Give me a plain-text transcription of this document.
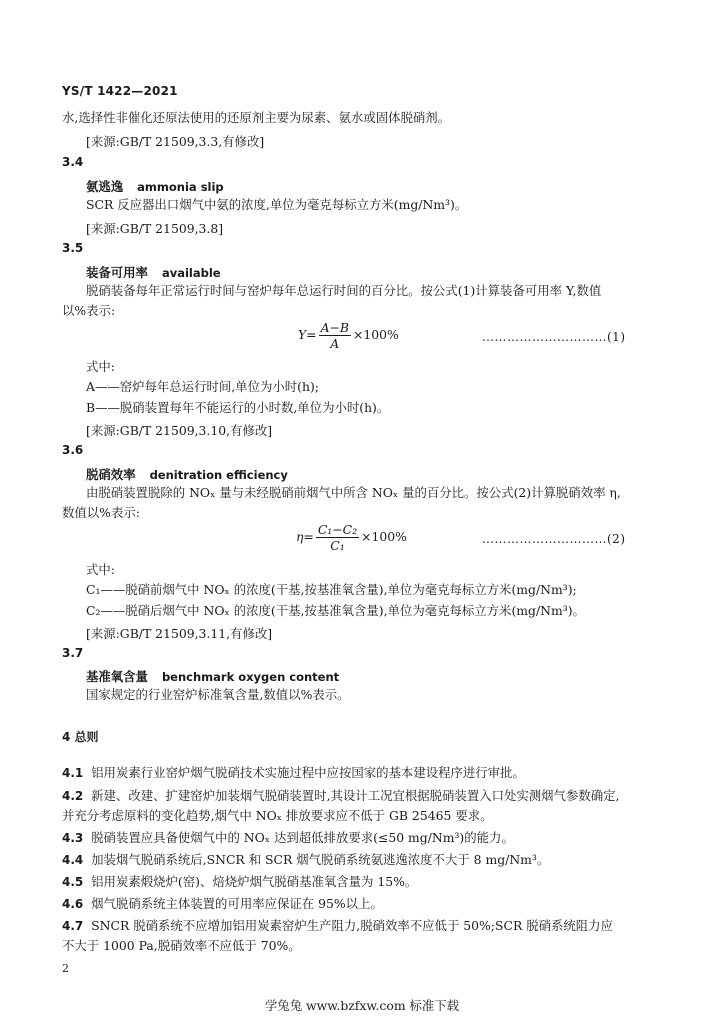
YS/T 1422—2021
水,选择性非催化还原法使用的还原剂主要为尿素、氨水或固体脱硝剂。
[来源:GB/T 21509,3.3,有修改]
3.4
氨逃逸 ammonia slip
SCR 反应器出口烟气中氨的浓度,单位为毫克每标立方米(mg/Nm³)。
[来源:GB/T 21509,3.8]
3.5
装备可用率 available
脱硝装备每年正常运行时间与窑炉每年总运行时间的百分比。按公式(1)计算装备可用率 Y,数值
以%表示:
$Y= \frac{A-B}{A} \times 100\%$	…………………………(1)
式中:
A——窑炉每年总运行时间,单位为小时(h);
B——脱硝装置每年不能运行的小时数,单位为小时(h)。
[来源:GB/T 21509,3.10,有修改]
3.6
脱硝效率 denitration efficiency
由脱硝装置脱除的 NOₓ 量与未经脱硝前烟气中所含 NOₓ 量的百分比。按公式(2)计算脱硝效率 η,
数值以%表示:
$\eta= \frac{\text{C₁−C₂}}{\text{C₁}} \times 100\%$	…………………………(2)
式中:
C₁——脱硝前烟气中 NOₓ 的浓度(干基,按基准氧含量),单位为毫克每标立方米(mg/Nm³);
C₂——脱硝后烟气中 NOₓ 的浓度(干基,按基准氧含量),单位为毫克每标立方米(mg/Nm³)。
[来源:GB/T 21509,3.11,有修改]
3.7
基准氧含量 benchmark oxygen content
国家规定的行业窑炉标准氧含量,数值以%表示。
4 总则
4.1 铝用炭素行业窑炉烟气脱硝技术实施过程中应按国家的基本建设程序进行审批。
4.2 新建、改建、扩建窑炉加装烟气脱硝装置时,其设计工况宜根据脱硝装置入口处实测烟气参数确定,
并充分考虑原料的变化趋势,烟气中 NOₓ 排放要求应不低于 GB 25465 要求。
4.3 脱硝装置应具备使烟气中的 NOₓ 达到超低排放要求(≤50 mg/Nm³)的能力。
4.4 加装烟气脱硝系统后,SNCR 和 SCR 烟气脱硝系统氨逃逸浓度不大于 8 mg/Nm³。
4.5 铝用炭素煅烧炉(窑)、焙烧炉烟气脱硝基准氧含量为 15%。
4.6 烟气脱硝系统主体装置的可用率应保证在 95%以上。
4.7 SNCR 脱硝系统不应增加铝用炭素窑炉生产阻力,脱硝效率不应低于 50%;SCR 脱硝系统阻力应
不大于 1000 Pa,脱硝效率不应低于 70%。
2
学兔兔 www.bzfxw.com 标准下载
